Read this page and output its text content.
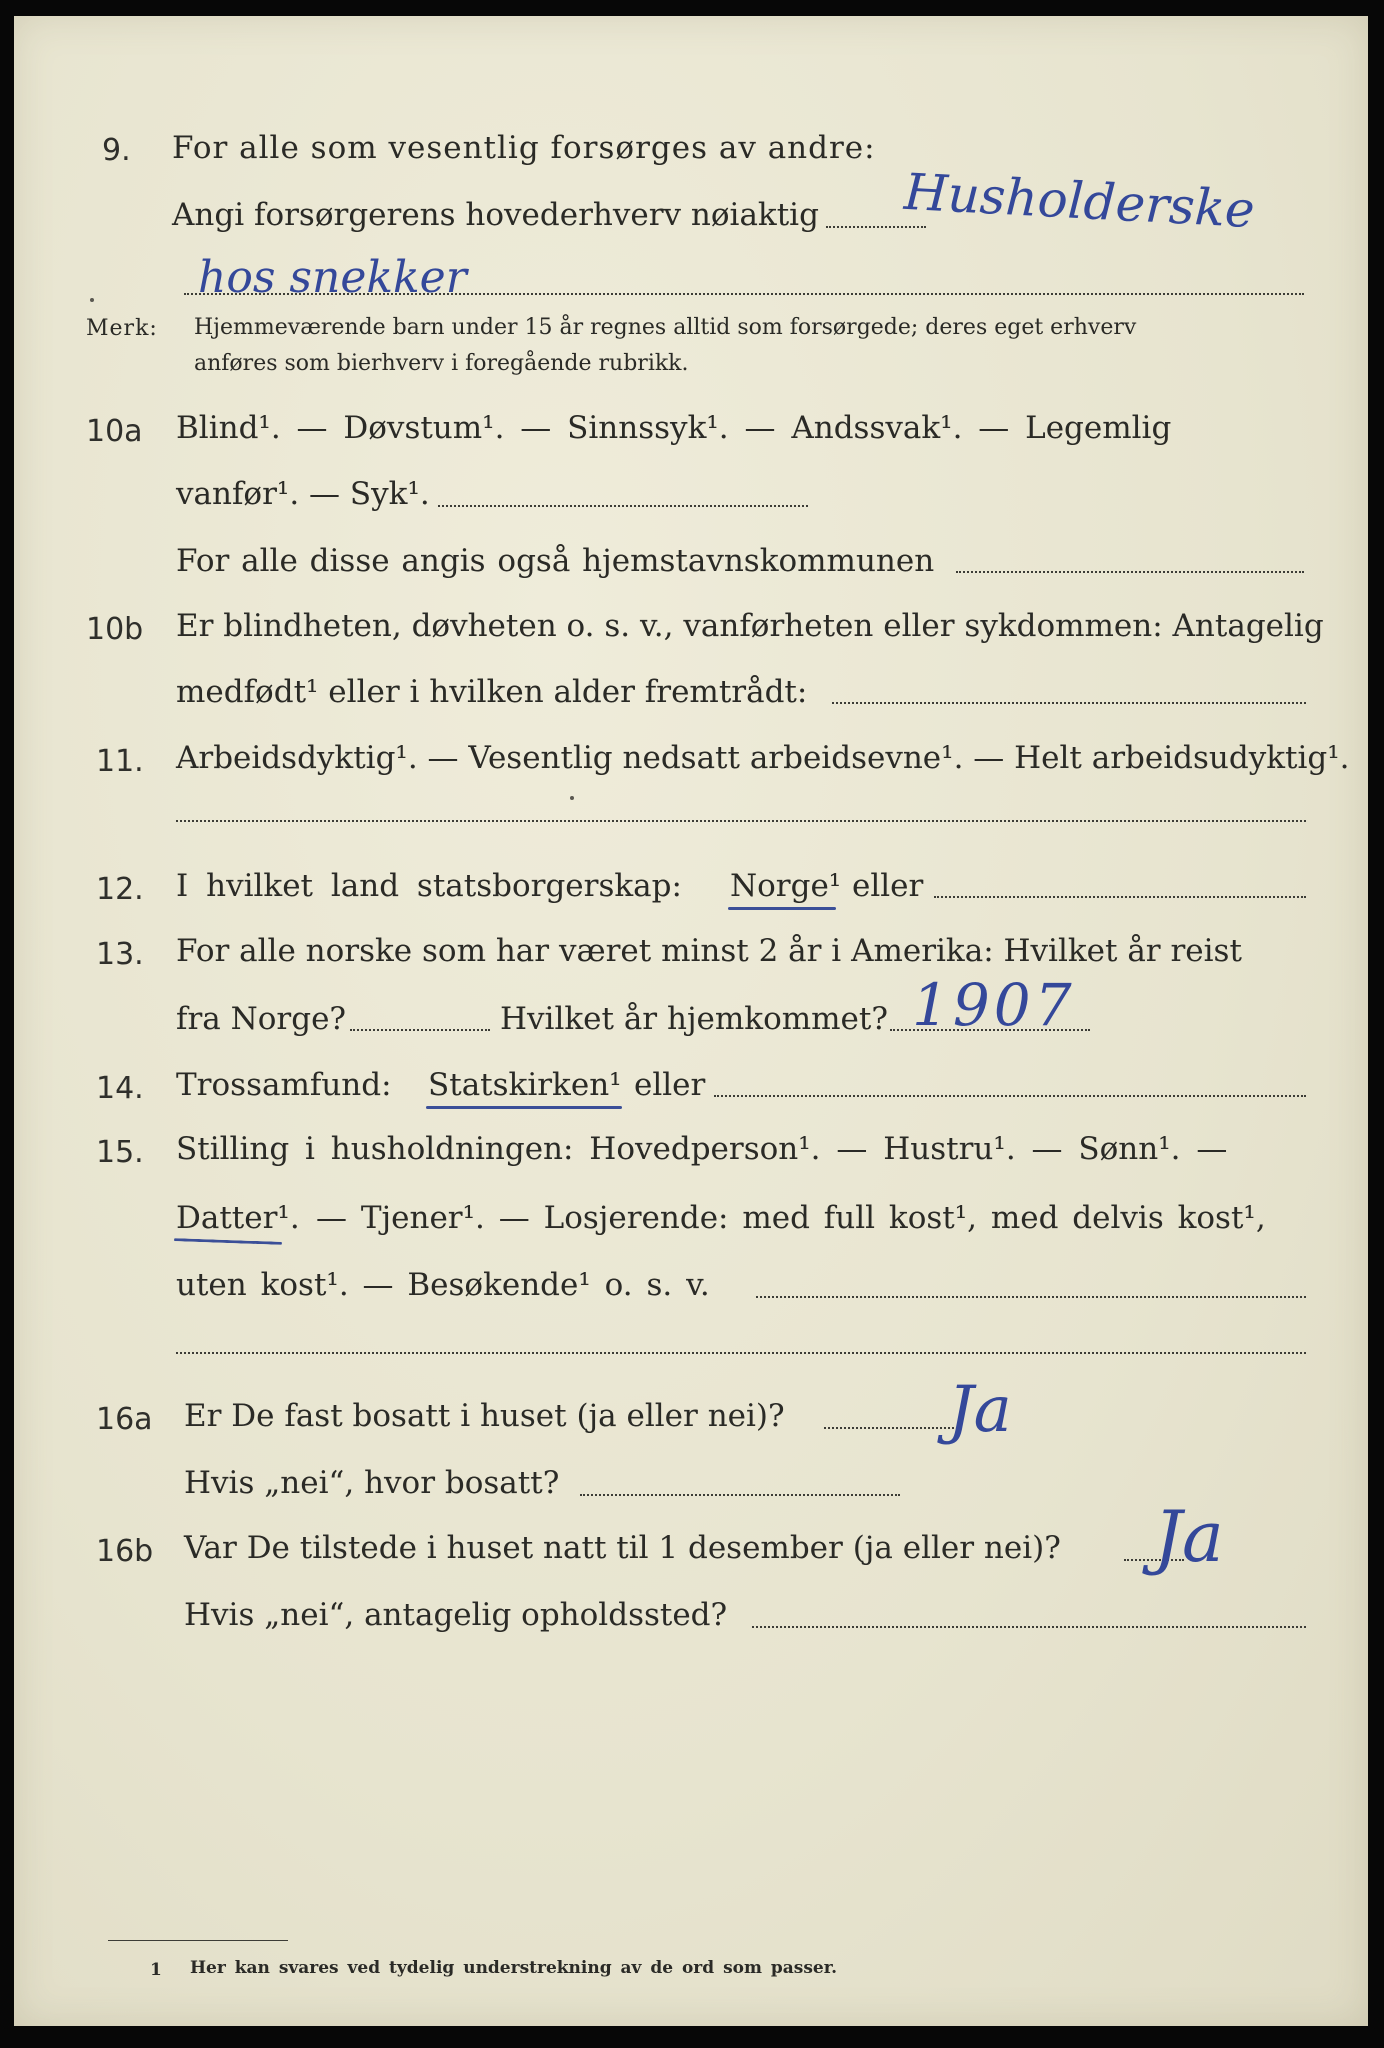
9. For alle som vesentlig forsørges av andre:
Angi forsørgerens hovederhverv nøiaktig Husholderske
hos snekker
Merk: Hjemmeværende barn under 15 år regnes alltid som forsørgede; deres eget erhverv
anføres som bierhverv i foregående rubrikk.
10a Blind¹. — Døvstum¹. — Sinnssyk¹. — Andssvak¹. — Legemlig
vanfør¹. — Syk¹.
For alle disse angis også hjemstavnskommunen
10b Er blindheten, døvheten o. s. v., vanførheten eller sykdommen: Antagelig
medfødt¹ eller i hvilken alder fremtrådt:
11. Arbeidsdyktig¹. — Vesentlig nedsatt arbeidsevne¹. — Helt arbeidsudyktig¹.
12. I hvilket land statsborgerskap: Norge¹ eller
13. For alle norske som har været minst 2 år i Amerika: Hvilket år reist
fra Norge?	Hvilket år hjemkommet? 1907
14. Trossamfund: Statskirken¹ eller
15. Stilling i husholdningen: Hovedperson¹. — Hustru¹. — Sønn¹. —
Datter¹. — Tjener¹. — Losjerende: med full kost¹, med delvis kost¹,
uten kost¹. — Besøkende¹ o. s. v.
16a Er De fast bosatt i huset (ja eller nei)?	Ja
Hvis „nei“, hvor bosatt?
16b Var De tilstede i huset natt til 1 desember (ja eller nei)? Ja
Hvis „nei“, antagelig opholdssted?
1 Her kan svares ved tydelig understrekning av de ord som passer.
